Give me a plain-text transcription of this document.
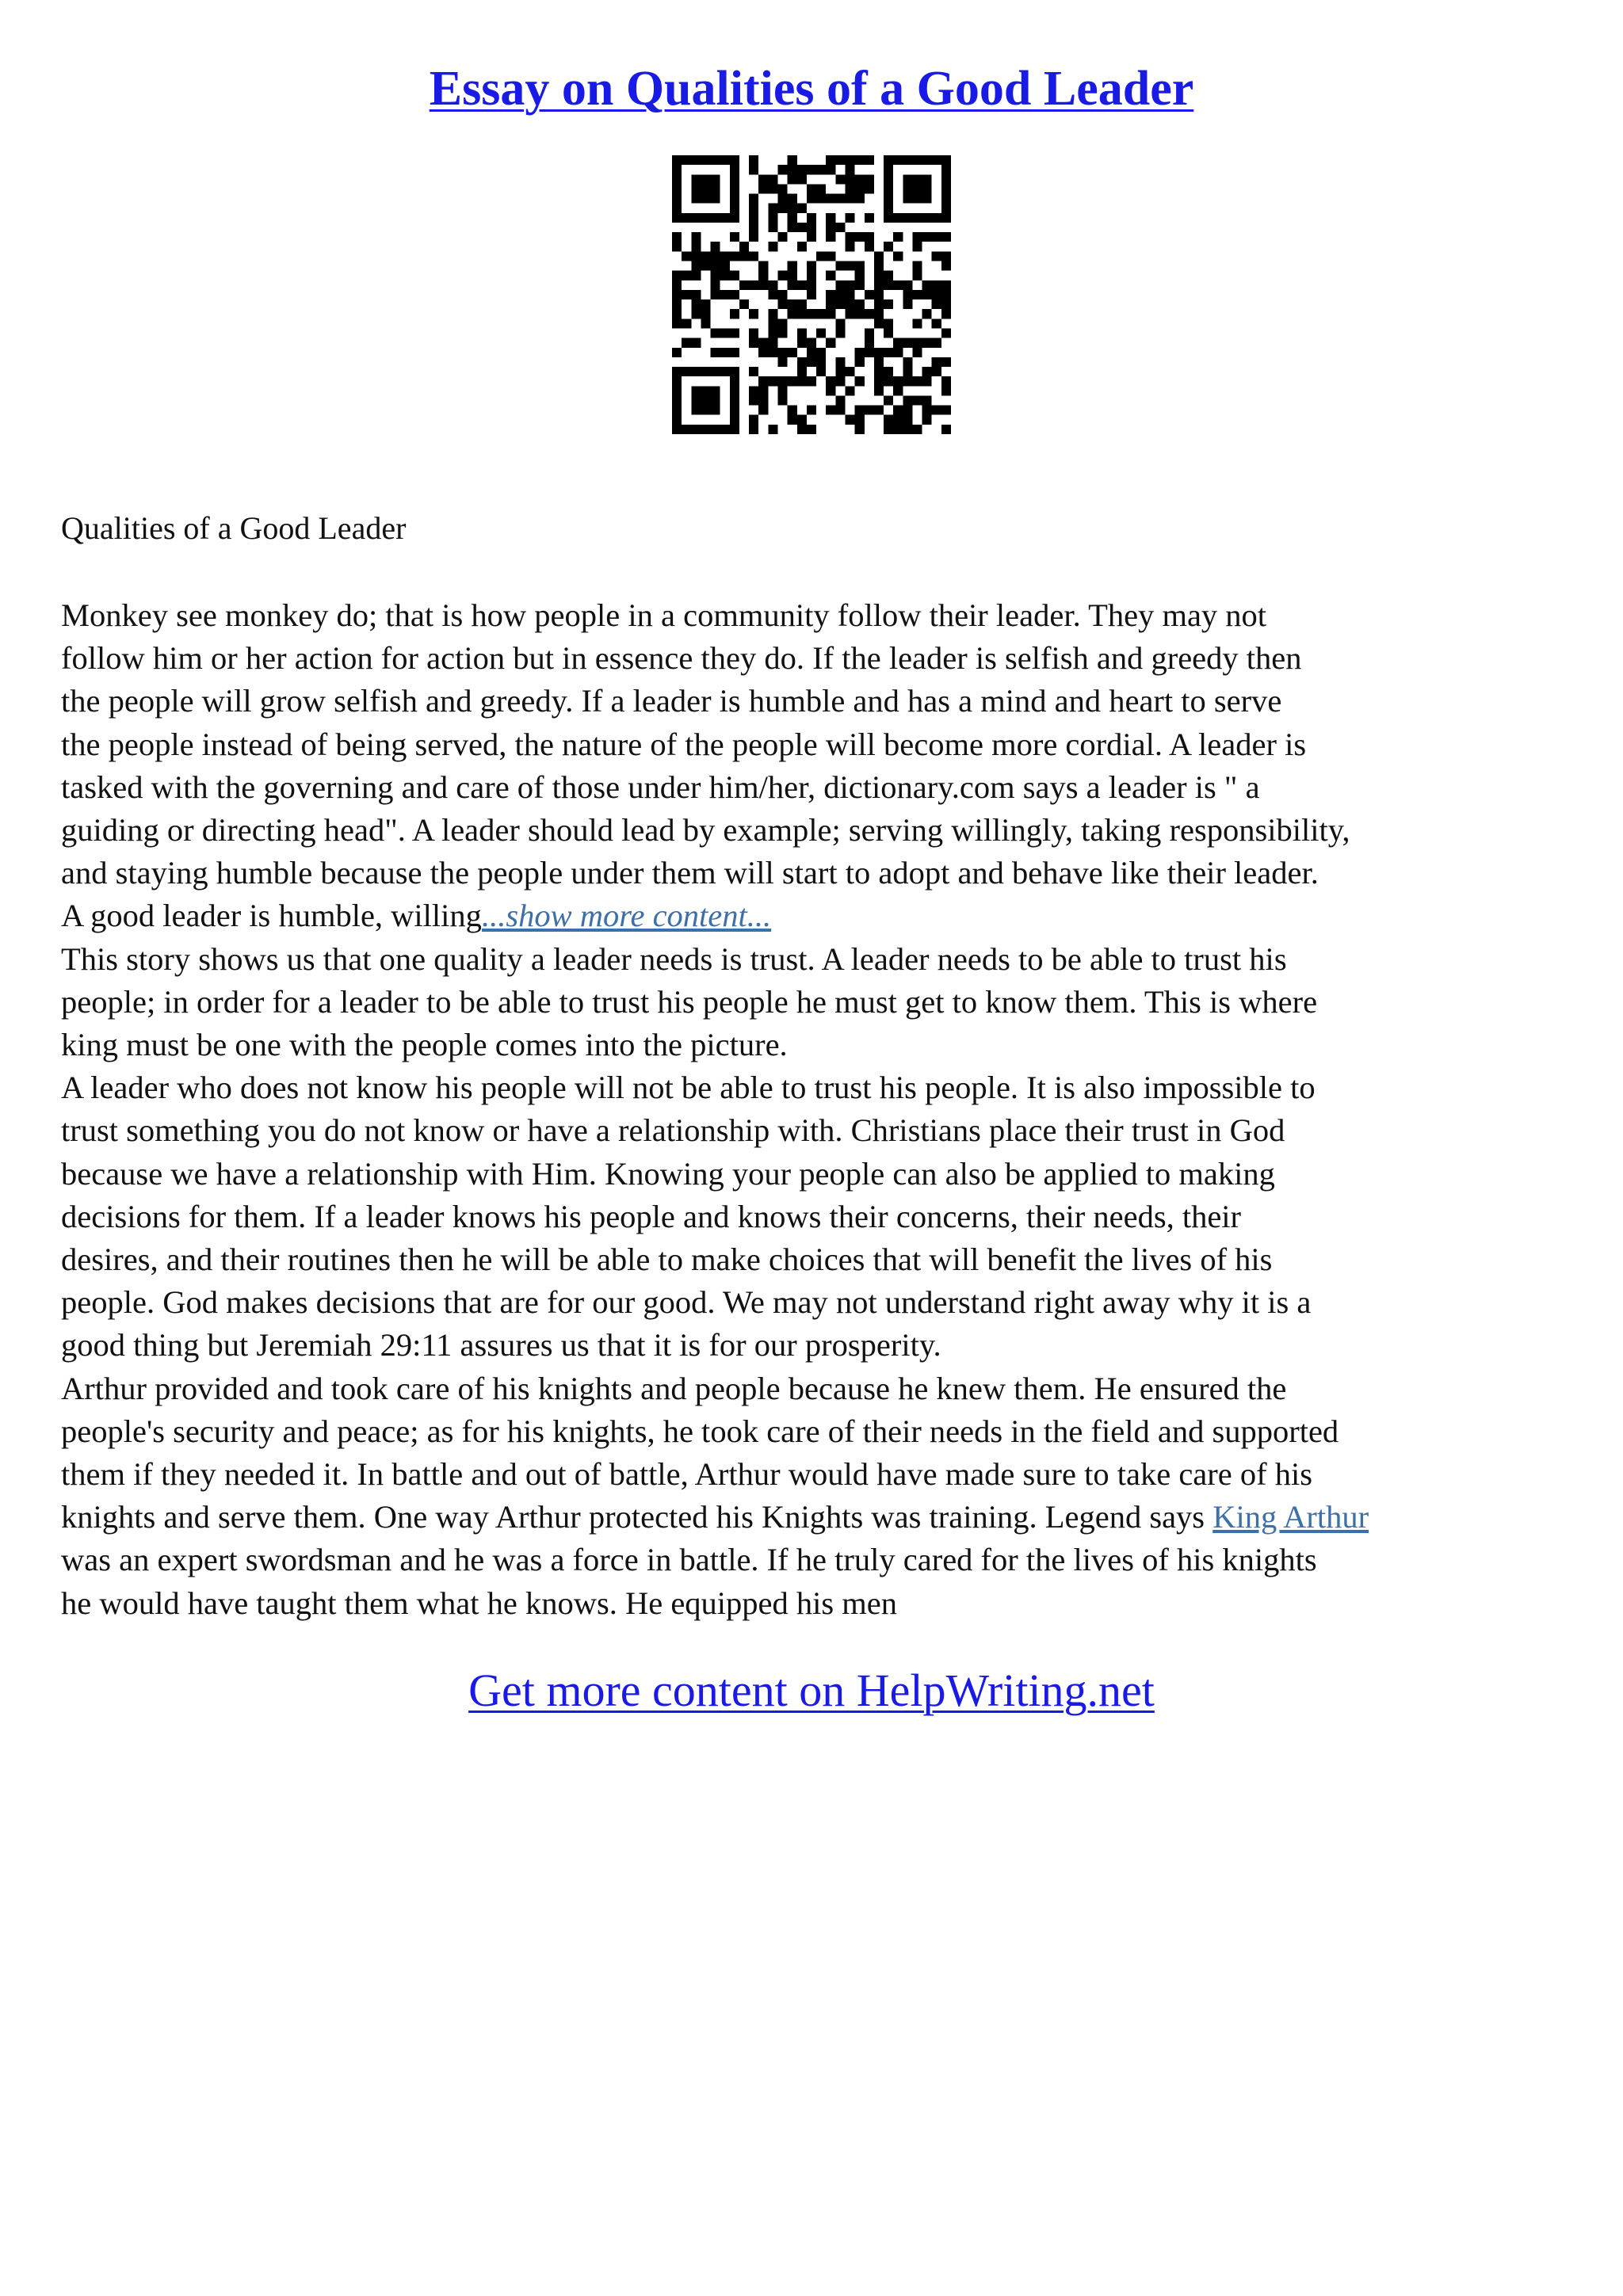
Essay on Qualities of a Good Leader

Qualities of a Good Leader

Monkey see monkey do; that is how people in a community follow their leader. They may not
follow him or her action for action but in essence they do. If the leader is selfish and greedy then
the people will grow selfish and greedy. If a leader is humble and has a mind and heart to serve
the people instead of being served, the nature of the people will become more cordial. A leader is
tasked with the governing and care of those under him/her, dictionary.com says a leader is " a
guiding or directing head". A leader should lead by example; serving willingly, taking responsibility,
and staying humble because the people under them will start to adopt and behave like their leader.
A good leader is humble, willing...show more content...

This story shows us that one quality a leader needs is trust. A leader needs to be able to trust his
people; in order for a leader to be able to trust his people he must get to know them. This is where
king must be one with the people comes into the picture.

A leader who does not know his people will not be able to trust his people. It is also impossible to
trust something you do not know or have a relationship with. Christians place their trust in God
because we have a relationship with Him. Knowing your people can also be applied to making
decisions for them. If a leader knows his people and knows their concerns, their needs, their
desires, and their routines then he will be able to make choices that will benefit the lives of his
people. God makes decisions that are for our good. We may not understand right away why it is a
good thing but Jeremiah 29:11 assures us that it is for our prosperity.

Arthur provided and took care of his knights and people because he knew them. He ensured the
people's security and peace; as for his knights, he took care of their needs in the field and supported
them if they needed it. In battle and out of battle, Arthur would have made sure to take care of his
knights and serve them. One way Arthur protected his Knights was training. Legend says King Arthur
was an expert swordsman and he was a force in battle. If he truly cared for the lives of his knights
he would have taught them what he knows. He equipped his men

Get more content on HelpWriting.net
